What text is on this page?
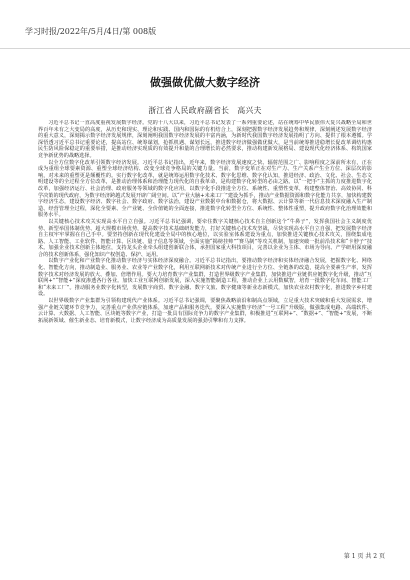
学习时报/2022年/5月/4日/第 008版
做强做优做大数字经济
浙江省人民政府副省长　高兴夫

习近平总书记一直高度重视发展数字经济。党的十八大以来，习近平总书记发表了一系列重要论述，站在统筹中华民族伟大复兴战略全局和世界百年未有之大变局的高度，从历史和现实、理论和实践、国内和国际的有机结合上，深刻把握数字经济发展趋势和规律，深刻阐述发展数字经济的重大意义，深刻揭示数字经济发展规律，深刻阐明我国数字经济发展的丰富内涵，为新时代我国数字经济发展指明了方向、提供了根本遵循。学深悟透习近平总书记重要论述，提高站位、统筹谋划，抢抓机遇、谋划长远，推进数字经济做强做优做大，是当前统筹推进稳增长促改革调结构惠民生防风险保稳定的重要举措，是推动经济实现质的有效提升和量的合理增长的必然要求，推动构建新发展格局、建设现代化经济体系、构筑国家竞争新优势的战略选择。

以全方位数字化改革引领数字经济发展。习近平总书记指出，近年来，数字经济发展速度之快、辐射范围之广、影响程度之深前所未有，正在成为重组全球要素资源、重塑全球经济结构、改变全球竞争格局的关键力量。当前，数字变革正在对生产力、生产关系产生全方位、深层次的影响，对未来的重塑更是颠覆性的。实行数字化改革，就是统筹运用数字化技术、数字化思维、数字化认知，推进经济、政治、文化、社会、生态文明建设等的全过程全方位改革，是推动治理体系和治理能力现代化的自我革命，是构建数字化转型的必由之路。以“一把手”主抓的力度推进数字化改革，加强经济运行、社会治理、政府服务等领域的数字化应用，以数字化手段推进全方位、系统性、重塑性变革，构建整体智治、高效协同、科学决策的现代政府，为数字经济跨越式发展开辟广阔空间。以“产业大脑+未来工厂”建设为抓手，推动产业数据资源和数字化能力共享，加快构建数字经济生态，建设数字经济、数字社会、数字政府、数字法治，建设产业数据中台和数据仓，将大数据、云计算等新一代信息技术深度融入生产制造、经营管理全过程，深化全要素、全产业链、全价值链的全面连接，推进数字化转型全方位、系统性、整体性重塑，提升政府数字化治理效能和服务水平。

以关键核心技术攻关实现高水平自立自强。习近平总书记强调，要牵住数字关键核心技术自主创新这个“牛鼻子”，发挥我国社会主义制度优势、新型举国体制优势、超大规模市场优势，提高数字技术基础研发能力，打好关键核心技术攻坚战，尽快实现高水平自立自强，把发展数字经济自主权牢牢掌握在自己手中。要坚持创新在现代化建设全局中的核心地位，以实验室体系建设为重点，加快推进关键核心技术攻关，围绕集成电路、人工智能、工业软件、智能计算、区块链、量子信息等领域，全面实施“揭榜挂帅”“赛马制”等攻关机制，加速突破一批前沿技术和“卡脖子”技术。加强企业技术创新主体地位，支持龙头企业牵头组建创新联合体，承担国家重大科技项目，完善以企业为主体、市场为导向、产学研用深度融合的技术创新体系，强化知识产权创造、保护、运用。

以数字产业化和产业数字化推动数字经济与实体经济深度融合。习近平总书记指出，要推动数字经济和实体经济融合发展，把握数字化、网络化、智能化方向，推动制造业、服务业、农业等产业数字化，利用互联网新技术对传统产业进行全方位、全链条的改造，提高全要素生产率，发挥数字技术对经济发展的放大、叠加、倍增作用。要大力培育数字产业集群，打造世界级数字产业集群，加快推进产业链供应链数字化升级，推动“互联网+”“智能+”深度渗透各行各业。加快工业互联网创新发展，深入实施智能制造工程，推动企业上云用数赋智，培育一批数字化车间、智能工厂和“未来工厂”。推动服务业数字化转型，发展数字商贸、数字金融、数字文旅、数字健康等新业态新模式，加快农业农村数字化，推进数字乡村建设。

以世界级数字产业集群为引领构建现代产业体系。习近平总书记强调，要聚焦战略前沿和制高点领域，立足重大技术突破和重大发展需求，增强产业链关键环节竞争力，完善重点产业供应链体系，加速产品和服务迭代。要深入实施数字经济“一号工程”升级版，做强集成电路、高端软件、云计算、大数据、人工智能、区块链等数字产业，打造一批具有国际竞争力的数字产业集群，积极推进“互联网+”、“数据+”、“智能+”发展，不断拓展新领域、催生新业态、培育新模式，让数字经济成为高质量发展的强劲引擎和有力支撑。

第 1 页 共 2 页
